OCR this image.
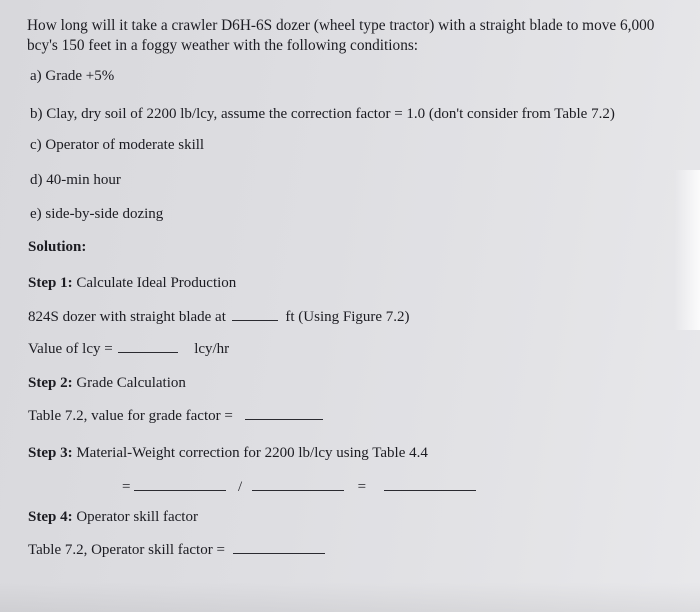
How long will it take a crawler D6H-6S dozer (wheel type tractor) with a straight blade to move 6,000 bcy's 150 feet in a foggy weather with the following conditions:
a) Grade +5%
b) Clay, dry soil of 2200 lb/lcy, assume the correction factor = 1.0 (don't consider from Table 7.2)
c) Operator of moderate skill
d) 40-min hour
e) side-by-side dozing
Solution:
Step 1: Calculate Ideal Production
824S dozer with straight blade at	ft (Using Figure 7.2)
Value of lcy =	lcy/hr
Step 2: Grade Calculation
Table 7.2, value for grade factor =
Step 3: Material-Weight correction for 2200 lb/lcy using Table 4.4
=	/	=
Step 4: Operator skill factor
Table 7.2, Operator skill factor =
